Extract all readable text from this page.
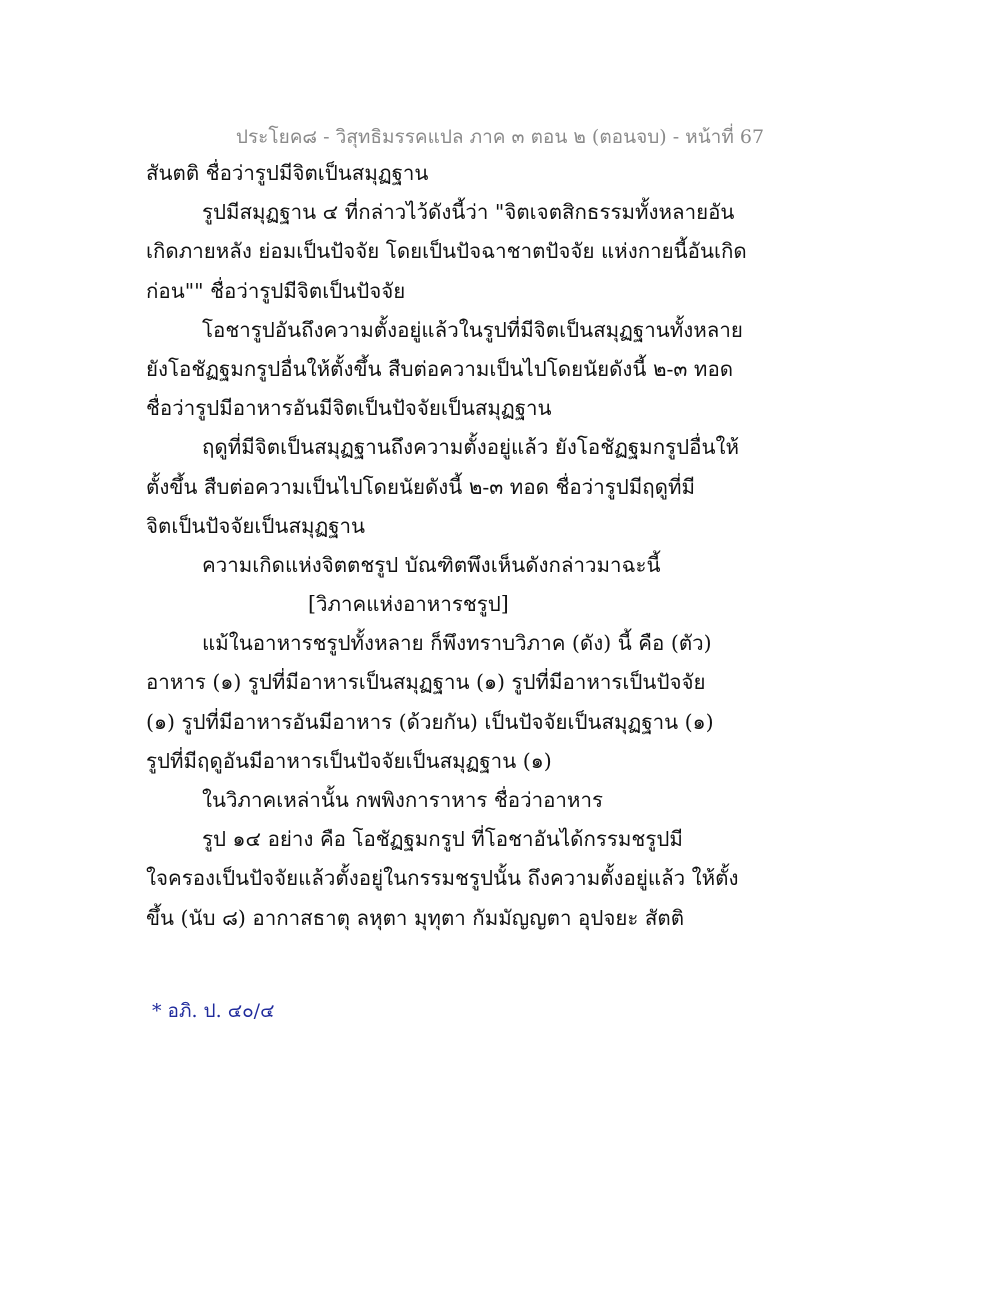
ประโยค๘ - วิสุทธิมรรคแปล ภาค ๓ ตอน ๒ (ตอนจบ) - หน้าที่ 67
สันตติ ชื่อว่ารูปมีจิตเป็นสมุฏฐาน
รูปมีสมุฏฐาน ๔ ที่กล่าวไว้ดังนี้ว่า "จิตเจตสิกธรรมทั้งหลายอัน
เกิดภายหลัง ย่อมเป็นปัจจัย โดยเป็นปัจฉาชาตปัจจัย แห่งกายนี้อันเกิด
ก่อน"" ชื่อว่ารูปมีจิตเป็นปัจจัย
โอชารูปอันถึงความตั้งอยู่แล้วในรูปที่มีจิตเป็นสมุฏฐานทั้งหลาย
ยังโอชัฏฐมกรูปอื่นให้ตั้งขึ้น สืบต่อความเป็นไปโดยนัยดังนี้ ๒-๓ ทอด
ชื่อว่ารูปมีอาหารอันมีจิตเป็นปัจจัยเป็นสมุฏฐาน
ฤดูที่มีจิตเป็นสมุฏฐานถึงความตั้งอยู่แล้ว ยังโอชัฏฐมกรูปอื่นให้
ตั้งขึ้น สืบต่อความเป็นไปโดยนัยดังนี้ ๒-๓ ทอด ชื่อว่ารูปมีฤดูที่มี
จิตเป็นปัจจัยเป็นสมุฏฐาน
ความเกิดแห่งจิตตชรูป บัณฑิตพึงเห็นดังกล่าวมาฉะนี้
[วิภาคแห่งอาหารชรูป]
แม้ในอาหารชรูปทั้งหลาย ก็พึงทราบวิภาค (ดัง) นี้ คือ (ตัว)
อาหาร (๑) รูปที่มีอาหารเป็นสมุฏฐาน (๑) รูปที่มีอาหารเป็นปัจจัย
(๑) รูปที่มีอาหารอันมีอาหาร (ด้วยกัน) เป็นปัจจัยเป็นสมุฏฐาน (๑)
รูปที่มีฤดูอันมีอาหารเป็นปัจจัยเป็นสมุฏฐาน (๑)
ในวิภาคเหล่านั้น กพพิงการาหาร ชื่อว่าอาหาร
รูป ๑๔ อย่าง คือ โอชัฏฐมกรูป ที่โอชาอันได้กรรมชรูปมี
ใจครองเป็นปัจจัยแล้วตั้งอยู่ในกรรมชรูปนั้น ถึงความตั้งอยู่แล้ว ให้ตั้ง
ขึ้น (นับ ๘) อากาสธาตุ ลหุตา มุทุตา กัมมัญญตา อุปจยะ สัตติ
* อภิ. ป. ๔๐/๔
